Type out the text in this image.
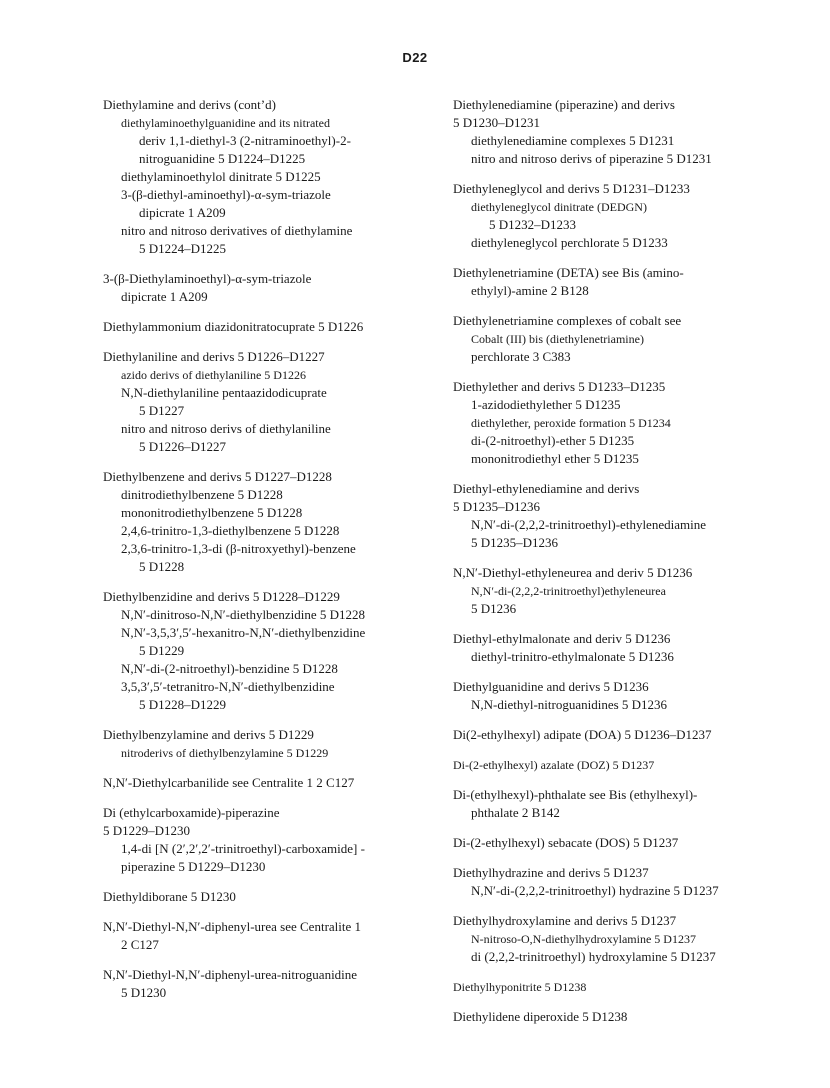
D22
Diethylamine and derivs (cont’d)
diethylaminoethylguanidine and its nitrated
deriv 1,1-diethyl-3 (2-nitraminoethyl)-2-
nitroguanidine 5 D1224–D1225
diethylaminoethylol dinitrate 5 D1225
3-(β-diethyl-aminoethyl)-α-sym-triazole
dipicrate 1 A209
nitro and nitroso derivatives of diethylamine
5 D1224–D1225
3-(β-Diethylaminoethyl)-α-sym-triazole
dipicrate 1 A209
Diethylammonium diazidonitratocuprate 5 D1226
Diethylaniline and derivs 5 D1226–D1227
azido derivs of diethylaniline 5 D1226
N,N-diethylaniline pentaazidodicuprate
5 D1227
nitro and nitroso derivs of diethylaniline
5 D1226–D1227
Diethylbenzene and derivs 5 D1227–D1228
dinitrodiethylbenzene 5 D1228
mononitrodiethylbenzene 5 D1228
2,4,6-trinitro-1,3-diethylbenzene 5 D1228
2,3,6-trinitro-1,3-di (β-nitroxyethyl)-benzene
5 D1228
Diethylbenzidine and derivs 5 D1228–D1229
N,N′-dinitroso-N,N′-diethylbenzidine 5 D1228
N,N′-3,5,3′,5′-hexanitro-N,N′-diethylbenzidine
5 D1229
N,N′-di-(2-nitroethyl)-benzidine 5 D1228
3,5,3′,5′-tetranitro-N,N′-diethylbenzidine
5 D1228–D1229
Diethylbenzylamine and derivs 5 D1229
nitroderivs of diethylbenzylamine 5 D1229
N,N′-Diethylcarbanilide see Centralite 1 2 C127
Di (ethylcarboxamide)-piperazine
5 D1229–D1230
1,4-di [N (2′,2′,2′-trinitroethyl)-carboxamide] -
piperazine 5 D1229–D1230
Diethyldiborane 5 D1230
N,N′-Diethyl-N,N′-diphenyl-urea see Centralite 1
2 C127
N,N′-Diethyl-N,N′-diphenyl-urea-nitroguanidine
5 D1230
Diethylenediamine (piperazine) and derivs
5 D1230–D1231
diethylenediamine complexes 5 D1231
nitro and nitroso derivs of piperazine 5 D1231
Diethyleneglycol and derivs 5 D1231–D1233
diethyleneglycol dinitrate (DEDGN)
5 D1232–D1233
diethyleneglycol perchlorate 5 D1233
Diethylenetriamine (DETA) see Bis (amino-
ethylyl)-amine 2 B128
Diethylenetriamine complexes of cobalt see
Cobalt (III) bis (diethylenetriamine)
perchlorate 3 C383
Diethylether and derivs 5 D1233–D1235
1-azidodiethylether 5 D1235
diethylether, peroxide formation 5 D1234
di-(2-nitroethyl)-ether 5 D1235
mononitrodiethyl ether 5 D1235
Diethyl-ethylenediamine and derivs
5 D1235–D1236
N,N′-di-(2,2,2-trinitroethyl)-ethylenediamine
5 D1235–D1236
N,N′-Diethyl-ethyleneurea and deriv 5 D1236
N,N′-di-(2,2,2-trinitroethyl)ethyleneurea
5 D1236
Diethyl-ethylmalonate and deriv 5 D1236
diethyl-trinitro-ethylmalonate 5 D1236
Diethylguanidine and derivs 5 D1236
N,N-diethyl-nitroguanidines 5 D1236
Di(2-ethylhexyl) adipate (DOA) 5 D1236–D1237
Di-(2-ethylhexyl) azalate (DOZ) 5 D1237
Di-(ethylhexyl)-phthalate see Bis (ethylhexyl)-
phthalate 2 B142
Di-(2-ethylhexyl) sebacate (DOS) 5 D1237
Diethylhydrazine and derivs 5 D1237
N,N′-di-(2,2,2-trinitroethyl) hydrazine 5 D1237
Diethylhydroxylamine and derivs 5 D1237
N-nitroso-O,N-diethylhydroxylamine 5 D1237
di (2,2,2-trinitroethyl) hydroxylamine 5 D1237
Diethylhyponitrite 5 D1238
Diethylidene diperoxide 5 D1238
